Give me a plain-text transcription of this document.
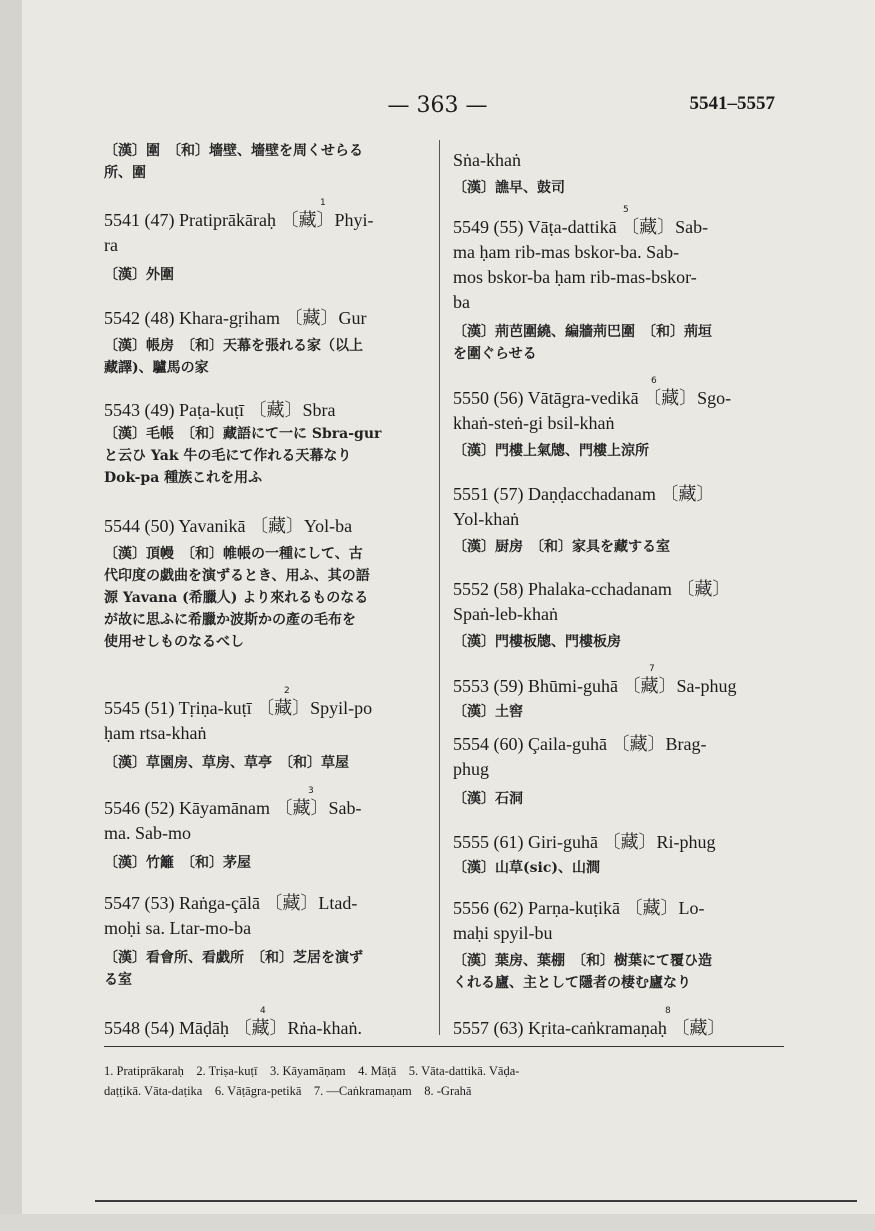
— 363 —	5541–5557
〔漢〕圍　〔和〕墻壁、墻壁を周くせらる
所、圍
1
5541 (47) Pratiprākāraḥ 〔藏〕Phyi-
ra
〔漢〕外圍
5542 (48) Khara-gṛiham 〔藏〕Gur
〔漢〕帳房　〔和〕天幕を張れる家（以上
藏譯)、驢馬の家
5543 (49) Paṭa-kuṭī 〔藏〕Sbra
〔漢〕毛帳　〔和〕藏語にて一に Sbra-gur
と云ひ Yak 牛の毛にて作れる天幕なり
Dok-pa 種族これを用ふ
5544 (50) Yavanikā 〔藏〕Yol-ba
〔漢〕頂幔　〔和〕帷帳の一種にして、古
代印度の戯曲を演ずるとき、用ふ、其の語
源 Yavana (希臘人) より來れるものなる
が故に思ふに希臘か波斯かの產の毛布を
使用せしものなるべし
2
5545 (51) Tṛiṇa-kuṭī 〔藏〕Spyil-po
ḥam rtsa-khaṅ
〔漢〕草園房、草房、草亭　〔和〕草屋
3
5546 (52) Kāyamānam 〔藏〕Sab-
ma. Sab-mo
〔漢〕竹籬　〔和〕茅屋
5547 (53) Raṅga-çālā 〔藏〕Ltad-
moḥi sa. Ltar-mo-ba
〔漢〕看會所、看戯所　〔和〕芝居を演ず
る室
4
5548 (54) Māḍāḥ 〔藏〕Rṅa-khaṅ.
Sṅa-khaṅ
〔漢〕譙早、鼓司
5
5549 (55) Vāṭa-dattikā 〔藏〕Sab-
ma ḥam rib-mas bskor-ba. Sab-
mos bskor-ba ḥam rib-mas-bskor-
ba
〔漢〕荊芭圍繞、編牆荊巴圍　〔和〕荊垣
を圍ぐらせる
6
5550 (56) Vātāgra-vedikā 〔藏〕Sgo-
khaṅ-steṅ-gi bsil-khaṅ
〔漢〕門樓上氣牕、門樓上涼所
5551 (57) Daṇḍacchadanam 〔藏〕
Yol-khaṅ
〔漢〕厨房　〔和〕家具を藏する室
5552 (58) Phalaka-cchadanam 〔藏〕
Spaṅ-leb-khaṅ
〔漢〕門樓板牕、門樓板房
7
5553 (59) Bhūmi-guhā 〔藏〕Sa-phug
〔漢〕土窖
5554 (60) Çaila-guhā 〔藏〕Brag-
phug
〔漢〕石洞
5555 (61) Giri-guhā 〔藏〕Ri-phug
〔漢〕山草(sic)、山澗
5556 (62) Parṇa-kuṭikā 〔藏〕Lo-
maḥi spyil-bu
〔漢〕葉房、葉棚　〔和〕樹葉にて覆ひ造
くれる廬、主として隱者の棲む廬なり
8
5557 (63) Kṛita-caṅkramaṇaḥ 〔藏〕
1. Pratiprākaraḥ　2. Triṣa-kuṭī　3. Kāyamāṇam　4. Māṭā　5. Vāta-dattikā. Vāḍa-
daṭṭikā. Vāta-daṭika　6. Vāṭāgra-petikā　7. —Caṅkramaṇam　8. -Grahā
